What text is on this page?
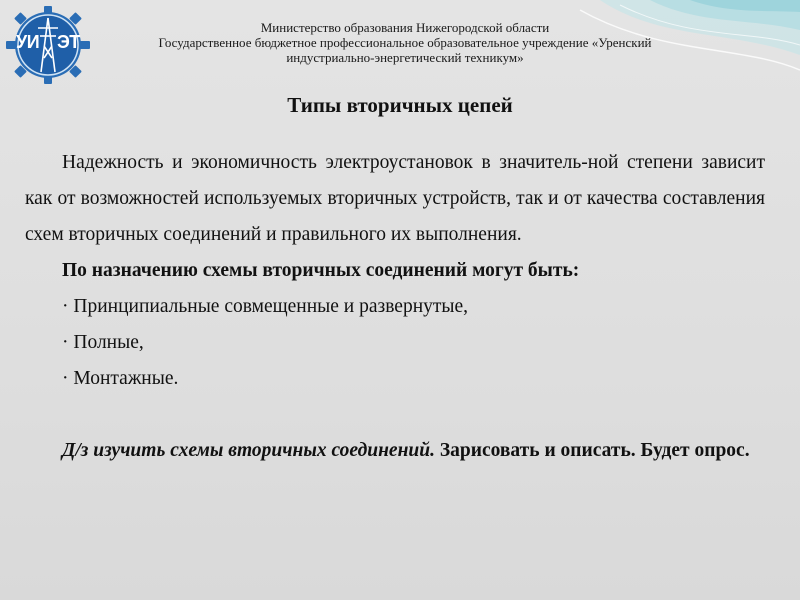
УИ ЭТ
Министерство образования Нижегородской области
Государственное бюджетное профессиональное образовательное учреждение «Уренский
индустриально-энергетический техникум»
Типы вторичных цепей

Надежность и экономичность электроустановок в значитель-ной степени зависит как от возможностей используемых вторичных устройств, так и от качества составления схем вторичных соединений и правильного их выполнения.

По назначению схемы вторичных соединений могут быть:

· Принципиальные совмещенные и развернутые,

· Полные,

· Монтажные.

Д/з изучить схемы вторичных соединений. Зарисовать и описать. Будет опрос.
